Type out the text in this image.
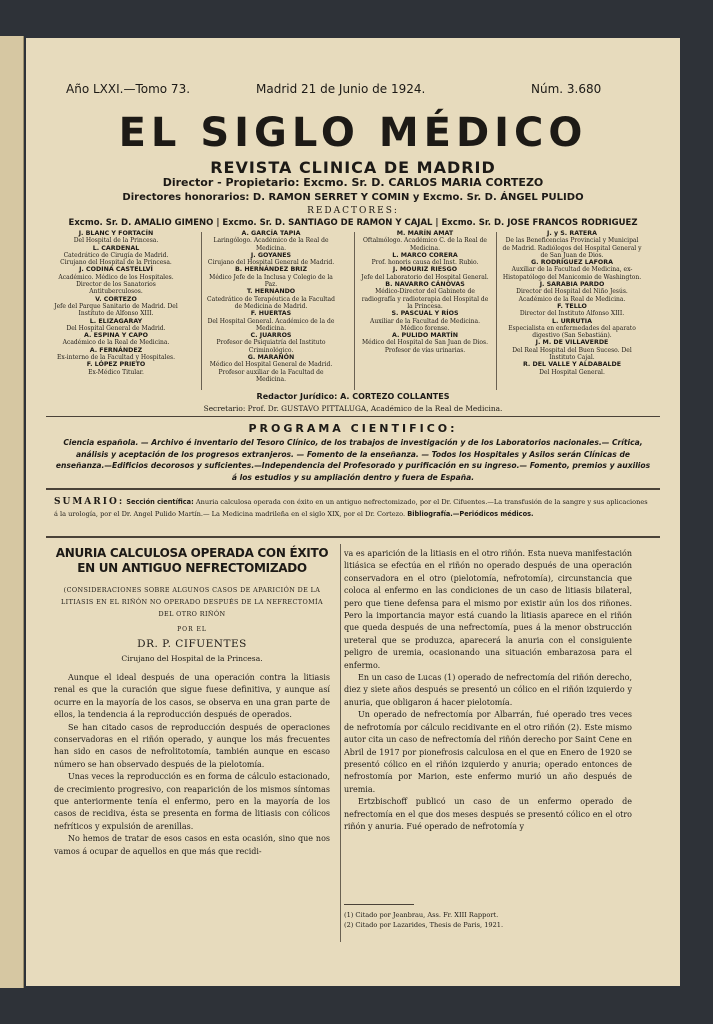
Año LXXI.—Tomo 73.	Madrid 21 de Junio de 1924.	Núm. 3.680
EL SIGLO MÉDICO
REVISTA CLINICA DE MADRID
Director - Propietario: Excmo. Sr. D. CARLOS MARIA CORTEZO
Directores honorarios: D. RAMON SERRET Y COMIN y Excmo. Sr. D. ÁNGEL PULIDO
REDACTORES:
Excmo. Sr. D. AMALIO GIMENO | Excmo. Sr. D. SANTIAGO DE RAMON Y CAJAL | Excmo. Sr. D. JOSE FRANCOS RODRIGUEZ
J. BLANC Y FORTACÍN
Del Hospital de la Princesa.
L. CARDENAL
Catedrático de Cirugía de Madrid. Cirujano del Hospital de la Princesa.
J. CODINA CASTELLVÍ
Académico. Médico de los Hospitales. Director de los Sanatorios Antituberculosos.
V. CORTEZO
Jefe del Parque Sanitario de Madrid. Del Instituto de Alfonso XIII.
L. ELIZAGARAY
Del Hospital General de Madrid.
A. ESPINA Y CAPO
Académico de la Real de Medicina.
A. FERNÁNDEZ
Ex-interno de la Facultad y Hospitales.
F. LÓPEZ PRIETO
Ex-Médico Titular.
A. GARCÍA TAPIA
Laringólogo. Académico de la Real de Medicina.
J. GOYANES
Cirujano del Hospital General de Madrid.
B. HERNÁNDEZ BRIZ
Médico Jefe de la Inclusa y Colegio de la Paz.
T. HERNANDO
Catedrático de Terapéutica de la Facultad de Medicina de Madrid.
F. HUERTAS
Del Hospital General. Académico de la de Medicina.
C. JUARROS
Profesor de Psiquiatría del Instituto Criminológico.
G. MARAÑÓN
Médico del Hospital General de Madrid. Profesor auxiliar de la Facultad de Medicina.
M. MARÍN AMAT
Oftalmólogo. Académico C. de la Real de Medicina.
L. MARCO CORERA
Prof. honoris causa del Inst. Rubio.
J. MOURIZ RIESGO
Jefe del Laboratorio del Hospital General.
B. NAVARRO CÁNOVAS
Médico-Director del Gabinete de radiografía y radioterapia del Hospital de la Princesa.
S. PASCUAL Y RÍOS
Auxiliar de la Facultad de Medicina. Médico forense.
A. PULIDO MARTÍN
Médico del Hospital de San Juan de Dios. Profesor de vías urinarias.
J. y S. RATERA
De las Beneficencias Provincial y Municipal de Madrid. Radiólogos del Hospital General y de San Juan de Dios.
G. RODRÍGUEZ LAFORA
Auxiliar de la Facultad de Medicina, ex-Histopatólogo del Manicomio de Washington.
J. SARABIA PARDO
Director del Hospital del Niño Jesús. Académico de la Real de Medicina.
F. TELLO
Director del Instituto Alfonso XIII.
L. URRUTIA
Especialista en enfermedades del aparato digestivo (San Sebastián).
J. M. DE VILLAVERDE
Del Real Hospital del Buen Suceso. Del Instituto Cajal.
R. DEL VALLE Y ALDABALDE
Del Hospital General.
Redactor Jurídico: A. CORTEZO COLLANTES
Secretario: Prof. Dr. GUSTAVO PITTALUGA, Académico de la Real de Medicina.
PROGRAMA CIENTIFICO:
Ciencia española. — Archivo é inventario del Tesoro Clínico, de los trabajos de investigación y de los Laboratorios nacionales.— Crítica, análisis y aceptación de los progresos extranjeros. — Fomento de la enseñanza. — Todos los Hospitales y Asilos serán Clínicas de enseñanza.—Edificios decorosos y suficientes.—Independencia del Profesorado y purificación en su ingreso.— Fomento, premios y auxilios á los estudios y su ampliación dentro y fuera de España.
SUMARIO: Sección científica: Anuria calculosa operada con éxito en un antiguo nefrectomizado, por el Dr. Cifuentes.—La transfusión de la sangre y sus aplicaciones á la urología, por el Dr. Angel Pulido Martín.— La Medicina madrileña en el siglo XIX, por el Dr. Cortezo. Bibliografía.—Periódicos médicos.
ANURIA CALCULOSA OPERADA CON ÉXITO EN UN ANTIGUO NEFRECTOMIZADO
(CONSIDERACIONES SOBRE ALGUNOS CASOS DE APARICIÓN DE LA LITIASIS EN EL RIÑÓN NO OPERADO DESPUÉS DE LA NEFRECTOMÍA DEL OTRO RIÑÓN
POR EL
DR. P. CIFUENTES
Cirujano del Hospital de la Princesa.

Aunque el ideal después de una operación contra la litiasis renal es que la curación que sigue fuese definitiva, y aunque así ocurre en la mayoría de los casos, se observa en una gran parte de ellos, la tendencia á la reproducción después de operados.

Se han citado casos de reproducción después de operaciones conservadoras en el riñón operado, y aunque los más frecuentes han sido en casos de nefrolitotomía, también aunque en escaso número se han observado después de la pielotomía.

Unas veces la reproducción es en forma de cálculo estacionado, de crecimiento progresivo, con reaparición de los mismos síntomas que anteriormente tenía el enfermo, pero en la mayoría de los casos de recidiva, ésta se presenta en forma de litiasis con cólicos nefríticos y expulsión de arenillas.

No hemos de tratar de esos casos en esta ocasión, sino que nos vamos á ocupar de aquellos en que más que recidi-

va es aparición de la litiasis en el otro riñón. Esta nueva manifestación litiásica se efectúa en el riñón no operado después de una operación conservadora en el otro (pielotomía, nefrotomía), circunstancia que coloca al enfermo en las condiciones de un caso de litiasis bilateral, pero que tiene defensa para el mismo por existir aún los dos riñones. Pero la importancia mayor está cuando la litiasis aparece en el riñón que queda después de una nefrectomía, pues á la menor obstrucción ureteral que se produzca, aparecerá la anuria con el consiguiente peligro de uremia, ocasionando una situación embarazosa para el enfermo.

En un caso de Lucas (1) operado de nefrectomía del riñón derecho, diez y siete años después se presentó un cólico en el riñón izquierdo y anuria, que obligaron á hacer pielotomía.

Un operado de nefrectomía por Albarrán, fué operado tres veces de nefrotomía por cálculo recidivante en el otro riñón (2). Este mismo autor cita un caso de nefrectomía del riñón derecho por Saint Cene en Abril de 1917 por pionefrosis calculosa en el que en Enero de 1920 se presentó cólico en el riñón izquierdo y anuria; operado entonces de nefrostomía por Marion, este enfermo murió un año después de uremia.

Ertzbischoff publicó un caso de un enfermo operado de nefrectomía en el que dos meses después se presentó cólico en el otro riñón y anuria. Fué operado de nefrotomía y

(1) Citado por Jeanbrau, Ass. Fr. XIII Rapport.
(2) Citado por Lazarides, Thesis de Paris, 1921.
